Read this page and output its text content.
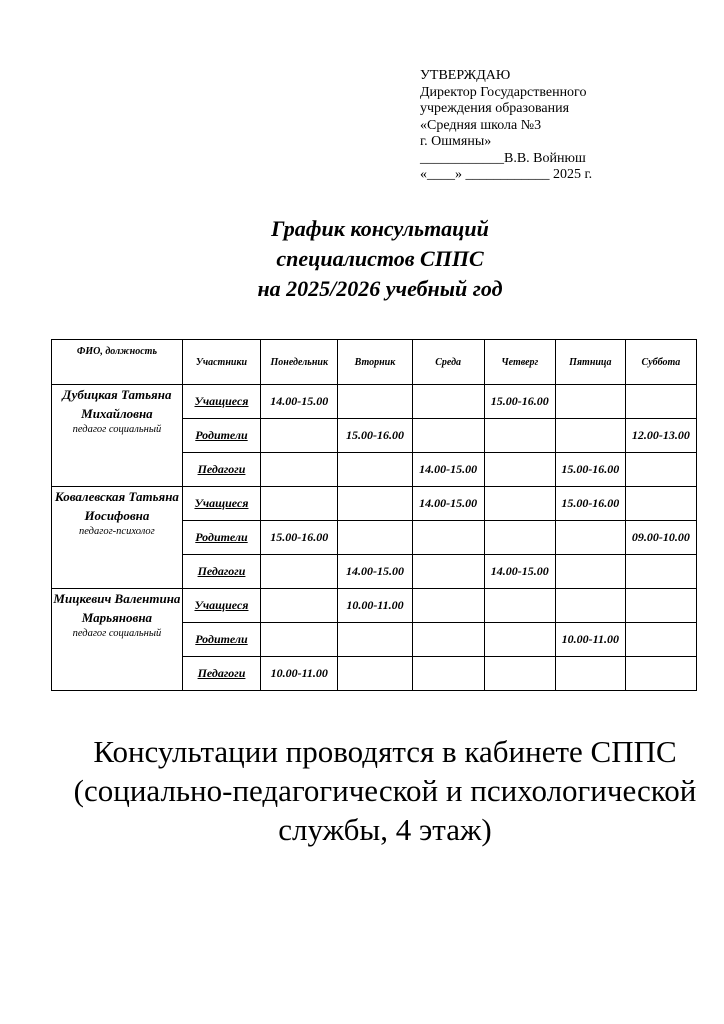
УТВЕРЖДАЮ
Директор Государственного
учреждения образования
«Средняя школа №3
г. Ошмяны»
____________В.В. Войнюш
«____» ____________ 2025 г.
График консультаций
специалистов СППС
на 2025/2026 учебный год
ФИО, должность	Участники	Понедельник	Вторник	Среда	Четверг	Пятница	Суббота

Дубицкая Татьяна Михайловна
педагог социальный	Учащиеся	14.00-15.00			15.00-16.00		
	Родители		15.00-16.00				12.00-13.00
	Педагоги			14.00-15.00		15.00-16.00	

Ковалевская Татьяна Иосифовна
педагог-психолог	Учащиеся			14.00-15.00		15.00-16.00	
	Родители	15.00-16.00					09.00-10.00
	Педагоги		14.00-15.00		14.00-15.00		

Мицкевич Валентина Марьяновна
педагог социальный	Учащиеся		10.00-11.00				
	Родители					10.00-11.00	
	Педагоги	10.00-11.00					
Консультации проводятся в кабинете СППС (социально-педагогической и психологической службы, 4 этаж)
